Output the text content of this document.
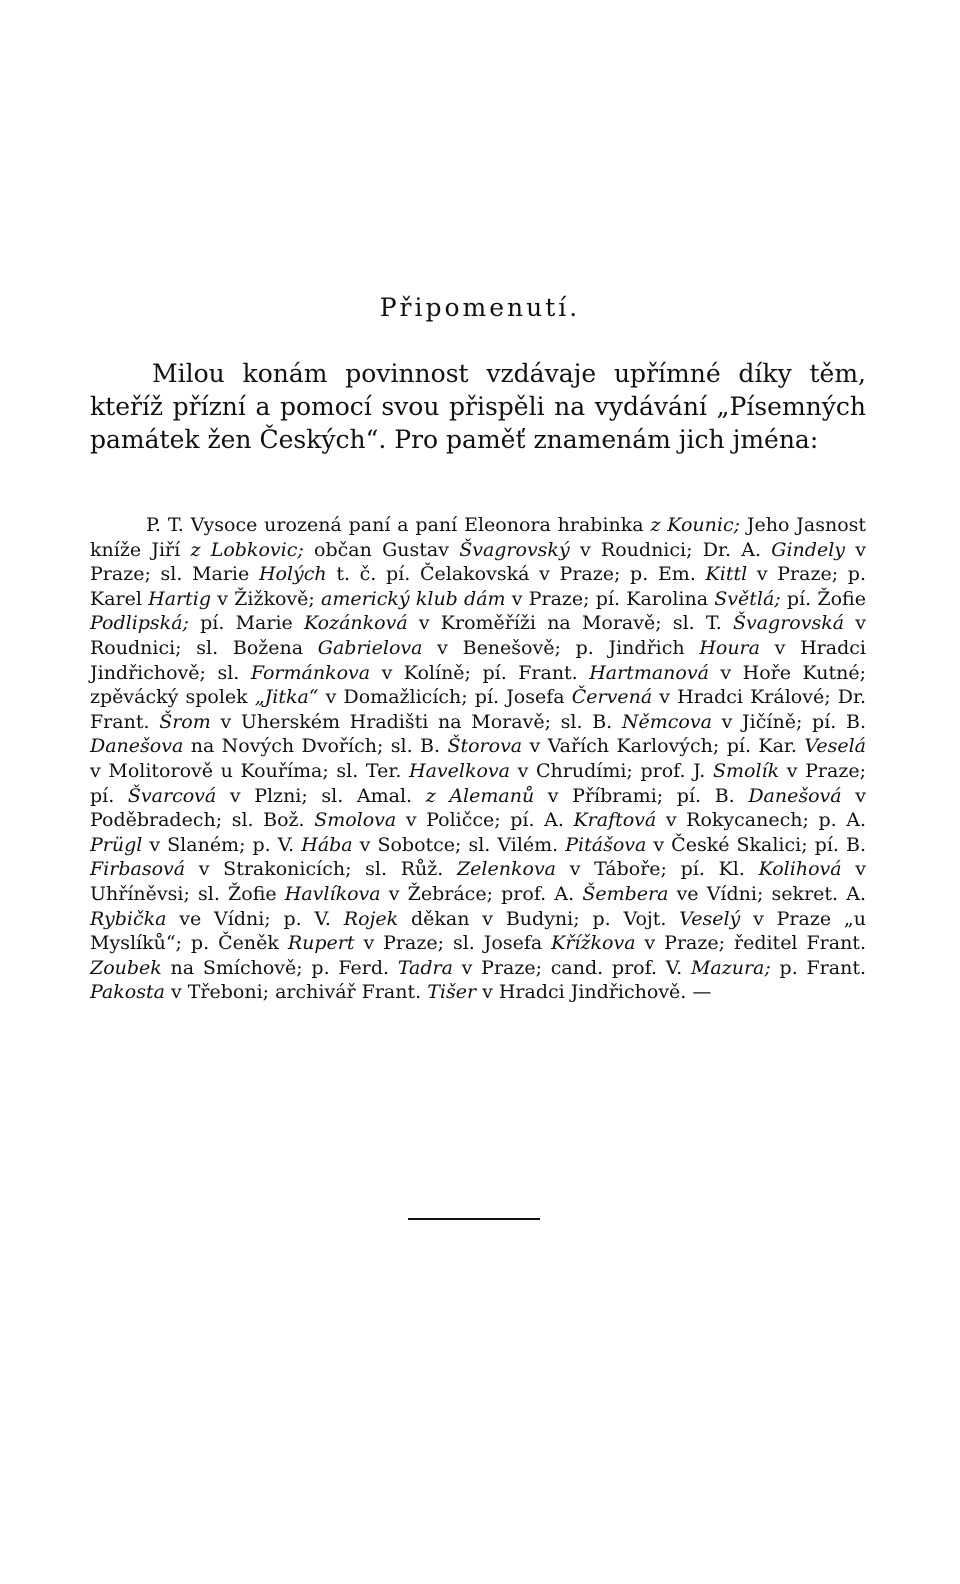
Připomenutí.

Milou konám povinnost vzdávaje upřímné díky těm, kteříž přízní a pomocí svou přispěli na vydávání „Písemných památek žen Českých“. Pro paměť znamenám jich jména:

P. T. Vysoce urozená paní a paní Eleonora hrabinka z Kounic; Jeho Jasnost kníže Jiří z Lobkovic; občan Gustav Švagrovský v Roudnici; Dr. A. Gindely v Praze; sl. Marie Holých t. č. pí. Čelakovská v Praze; p. Em. Kittl v Praze; p. Karel Hartig v Žižkově; americký klub dám v Praze; pí. Karolina Světlá; pí. Žofie Podlipská; pí. Marie Kozánková v Kroměříži na Moravě; sl. T. Švagrovská v Roudnici; sl. Božena Gabrielova v Benešově; p. Jindřich Houra v Hradci Jindřichově; sl. Formánkova v Kolíně; pí. Frant. Hartmanová v Hoře Kutné; zpěvácký spolek „Jitka“ v Domažlicích; pí. Josefa Červená v Hradci Králové; Dr. Frant. Šrom v Uherském Hradišti na Moravě; sl. B. Němcova v Jičíně; pí. B. Danešova na Nových Dvořích; sl. B. Štorova v Vařích Karlových; pí. Kar. Veselá v Molitorově u Kouříma; sl. Ter. Havelkova v Chrudími; prof. J. Smolík v Praze; pí. Švarcová v Plzni; sl. Amal. z Alemanů v Příbrami; pí. B. Danešová v Poděbradech; sl. Bož. Smolova v Poličce; pí. A. Kraftová v Rokycanech; p. A. Prügl v Slaném; p. V. Hába v Sobotce; sl. Vilém. Pitášova v České Skalici; pí. B. Firbasová v Strakonicích; sl. Růž. Zelenkova v Táboře; pí. Kl. Kolihová v Uhříněvsi; sl. Žofie Havlíkova v Žebráce; prof. A. Šembera ve Vídni; sekret. A. Rybička ve Vídni; p. V. Rojek děkan v Budyni; p. Vojt. Veselý v Praze „u Myslíků“; p. Čeněk Rupert v Praze; sl. Josefa Křížkova v Praze; ředitel Frant. Zoubek na Smíchově; p. Ferd. Tadra v Praze; cand. prof. V. Mazura; p. Frant. Pakosta v Třeboni; archivář Frant. Tišer v Hradci Jindřichově. —
